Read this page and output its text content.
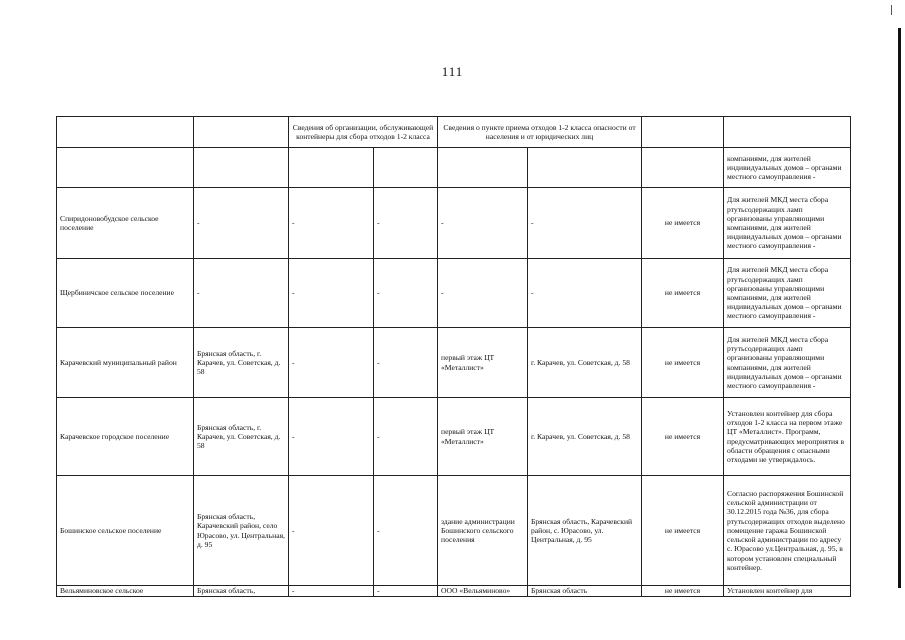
111

		Сведения об организации, обслуживающей контейнеры для сбора отходов 1-2 класса		Сведения о пункте приема отходов 1-2 класса опасности от населения и от юридических лиц			

							компаниями, для жителей индивидуальных домов – органами местного самоуправления -
Спиридоновобудское сельское поселение	-	-	-	-	-	не имеется	Для жителей МКД места сбора ртутьсодержащих ламп организованы управляющими компаниями, для жителей индивидуальных домов – органами местного самоуправления -
Щербиничское сельское поселение	-	-	-	-	-	не имеется	Для жителей МКД места сбора ртутьсодержащих ламп организованы управляющими компаниями, для жителей индивидуальных домов – органами местного самоуправления -
Карачевский муниципальный район	Брянская область, г. Карачев, ул. Советская, д. 58	-	-	первый этаж ЦТ «Металлист»	г. Карачев, ул. Советская, д. 58	не имеется	Для жителей МКД места сбора ртутьсодержащих ламп организованы управляющими компаниями, для жителей индивидуальных домов – органами местного самоуправления -
Карачевское городское поселение	Брянская область, г. Карачев, ул. Советская, д. 58	-	-	первый этаж ЦТ «Металлист»	г. Карачев, ул. Советская, д. 58	не имеется	Установлен контейнер для сбора отходов 1-2 класса на первом этаже ЦТ «Металлист». Программ, предусматривающих мероприятия в области обращения с опасными отходами не утверждалось.
Бошинское сельское поселение	Брянская область, Карачевский район, село Юрасово, ул. Центральная, д. 95	-	-	здание администрации Бошинского сельского поселения	Брянская область, Карачевский район, с. Юрасово, ул. Центральная, д. 95	не имеется	Согласно распоряжения Бошинской сельской администрации от 30.12.2015 года №36, для сбора ртутьсодержащих отходов выделено помещение гаража Бошинской сельской администрации по адресу с. Юрасово ул.Центральная, д. 95, в котором установлен специальный контейнер.
Вельяминовское сельское	Брянская область,	-	-	ООО «Вельяминово»	Брянская область	не имеется	Установлен контейнер для
